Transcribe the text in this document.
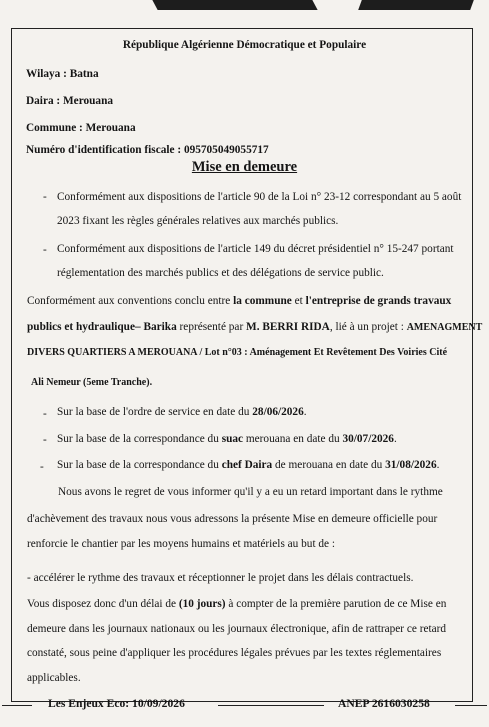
République Algérienne Démocratique et Populaire
Wilaya : Batna
Daira : Merouana
Commune : Merouana
Numéro d'identification fiscale : 095705049055717
Mise en demeure
- Conformément aux dispositions de l'article 90 de la Loi n° 23-12 correspondant au 5 août
2023 fixant les règles générales relatives aux marchés publics.
- Conformément aux dispositions de l'article 149 du décret présidentiel n° 15-247 portant
réglementation des marchés publics et des délégations de service public.
Conformément aux conventions conclu entre la commune et l'entreprise de grands travaux
publics et hydraulique– Barika représenté par M. BERRI RIDA, lié à un projet : AMENAGMENT
DIVERS QUARTIERS A MEROUANA / Lot n°03 : Aménagement Et Revêtement Des Voiries Cité
Ali Nemeur (5eme Tranche).
- Sur la base de l'ordre de service en date du 28/06/2026.
- Sur la base de la correspondance du suac merouana en date du 30/07/2026.
- Sur la base de la correspondance du chef Daira de merouana en date du 31/08/2026.
Nous avons le regret de vous informer qu'il y a eu un retard important dans le rythme
d'achèvement des travaux nous vous adressons la présente Mise en demeure officielle pour
renforcie le chantier par les moyens humains et matériels au but de :
- accélérer le rythme des travaux et réceptionner le projet dans les délais contractuels.
Vous disposez donc d'un délai de (10 jours) à compter de la première parution de ce Mise en
demeure dans les journaux nationaux ou les journaux électronique, afin de rattraper ce retard
constaté, sous peine d'appliquer les procédures légales prévues par les textes réglementaires
applicables.
Les Enjeux Eco: 10/09/2026	ANEP 2616030258
